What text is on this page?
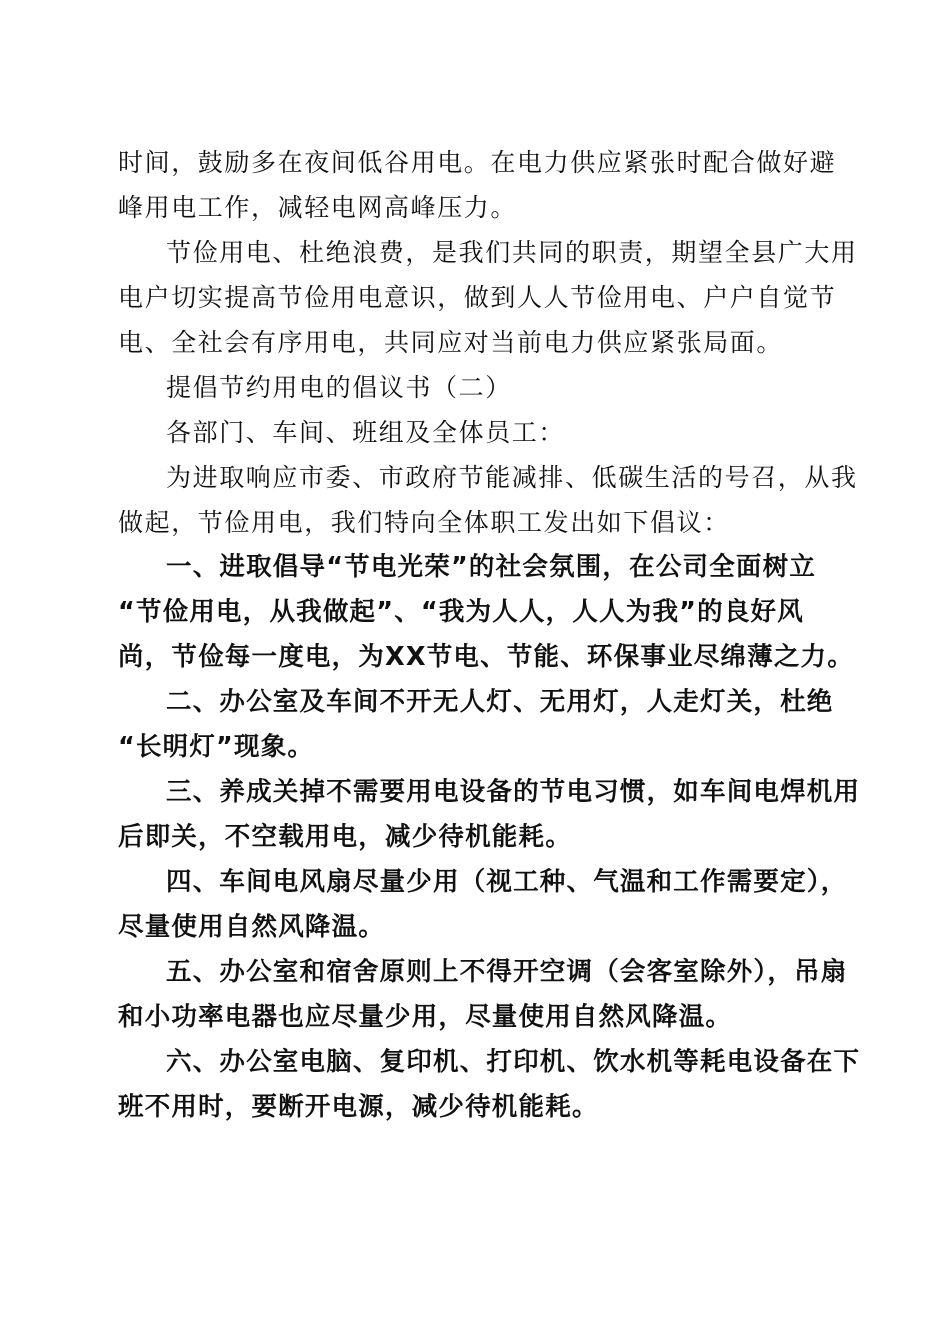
时间，鼓励多在夜间低谷用电。在电力供应紧张时配合做好避
峰用电工作，减轻电网高峰压力。

节俭用电、杜绝浪费，是我们共同的职责，期望全县广大用
电户切实提高节俭用电意识，做到人人节俭用电、户户自觉节
电、全社会有序用电，共同应对当前电力供应紧张局面。

提倡节约用电的倡议书（二）

各部门、车间、班组及全体员工：

为进取响应市委、市政府节能减排、低碳生活的号召，从我
做起，节俭用电，我们特向全体职工发出如下倡议：

一、进取倡导“节电光荣”的社会氛围，在公司全面树立
“节俭用电，从我做起”、“我为人人，人人为我”的良好风
尚，节俭每一度电，为XX节电、节能、环保事业尽绵薄之力。

二、办公室及车间不开无人灯、无用灯，人走灯关，杜绝
“长明灯”现象。

三、养成关掉不需要用电设备的节电习惯，如车间电焊机用
后即关，不空载用电，减少待机能耗。

四、车间电风扇尽量少用（视工种、气温和工作需要定），
尽量使用自然风降温。

五、办公室和宿舍原则上不得开空调（会客室除外），吊扇
和小功率电器也应尽量少用，尽量使用自然风降温。

六、办公室电脑、复印机、打印机、饮水机等耗电设备在下
班不用时，要断开电源，减少待机能耗。
